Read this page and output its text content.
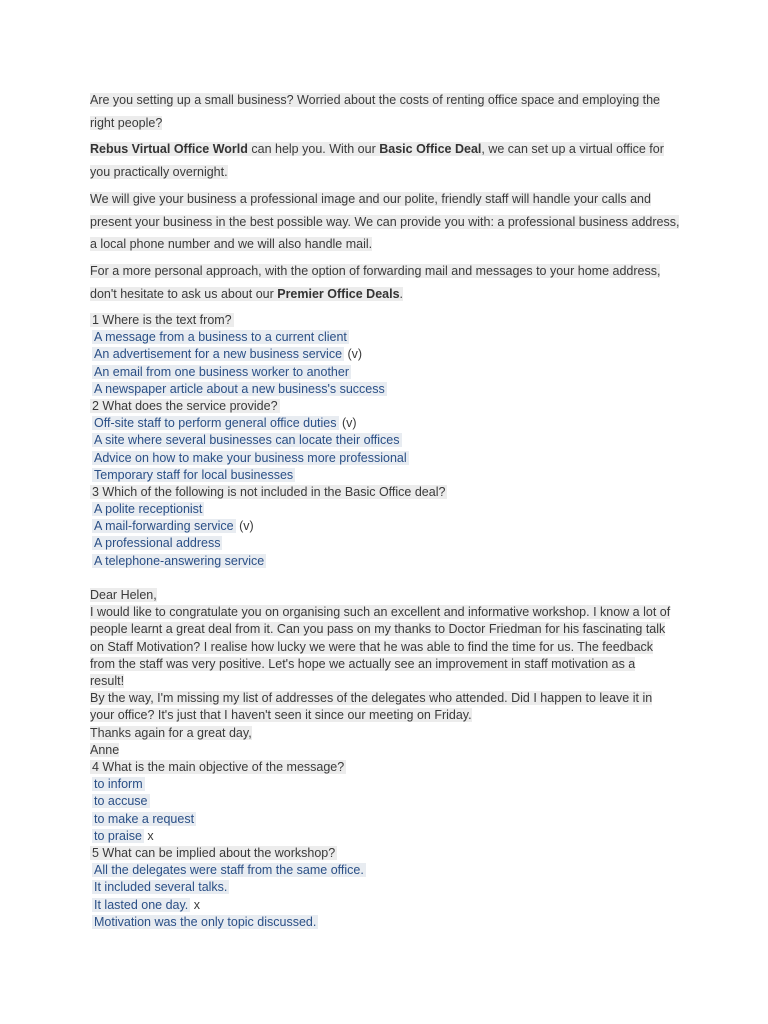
Are you setting up a small business? Worried about the costs of renting office space and employing the right people?
Rebus Virtual Office World can help you. With our Basic Office Deal, we can set up a virtual office for you practically overnight.
We will give your business a professional image and our polite, friendly staff will handle your calls and present your business in the best possible way. We can provide you with: a professional business address, a local phone number and we will also handle mail.
For a more personal approach, with the option of forwarding mail and messages to your home address, don't hesitate to ask us about our Premier Office Deals.
1 Where is the text from?
A message from a business to a current client
An advertisement for a new business service (v)
An email from one business worker to another
A newspaper article about a new business's success
2 What does the service provide?
Off-site staff to perform general office duties (v)
A site where several businesses can locate their offices
Advice on how to make your business more professional
Temporary staff for local businesses
3 Which of the following is not included in the Basic Office deal?
A polite receptionist
A mail-forwarding service (v)
A professional address
A telephone-answering service
Dear Helen,
I would like to congratulate you on organising such an excellent and informative workshop. I know a lot of
people learnt a great deal from it. Can you pass on my thanks to Doctor Friedman for his fascinating talk
on Staff Motivation? I realise how lucky we were that he was able to find the time for us. The feedback
from the staff was very positive. Let's hope we actually see an improvement in staff motivation as a
result!
By the way, I'm missing my list of addresses of the delegates who attended. Did I happen to leave it in
your office? It's just that I haven't seen it since our meeting on Friday.
Thanks again for a great day,
Anne
4 What is the main objective of the message?
to inform
to accuse
to make a request
to praise x
5 What can be implied about the workshop?
All the delegates were staff from the same office.
It included several talks.
It lasted one day. x
Motivation was the only topic discussed.
